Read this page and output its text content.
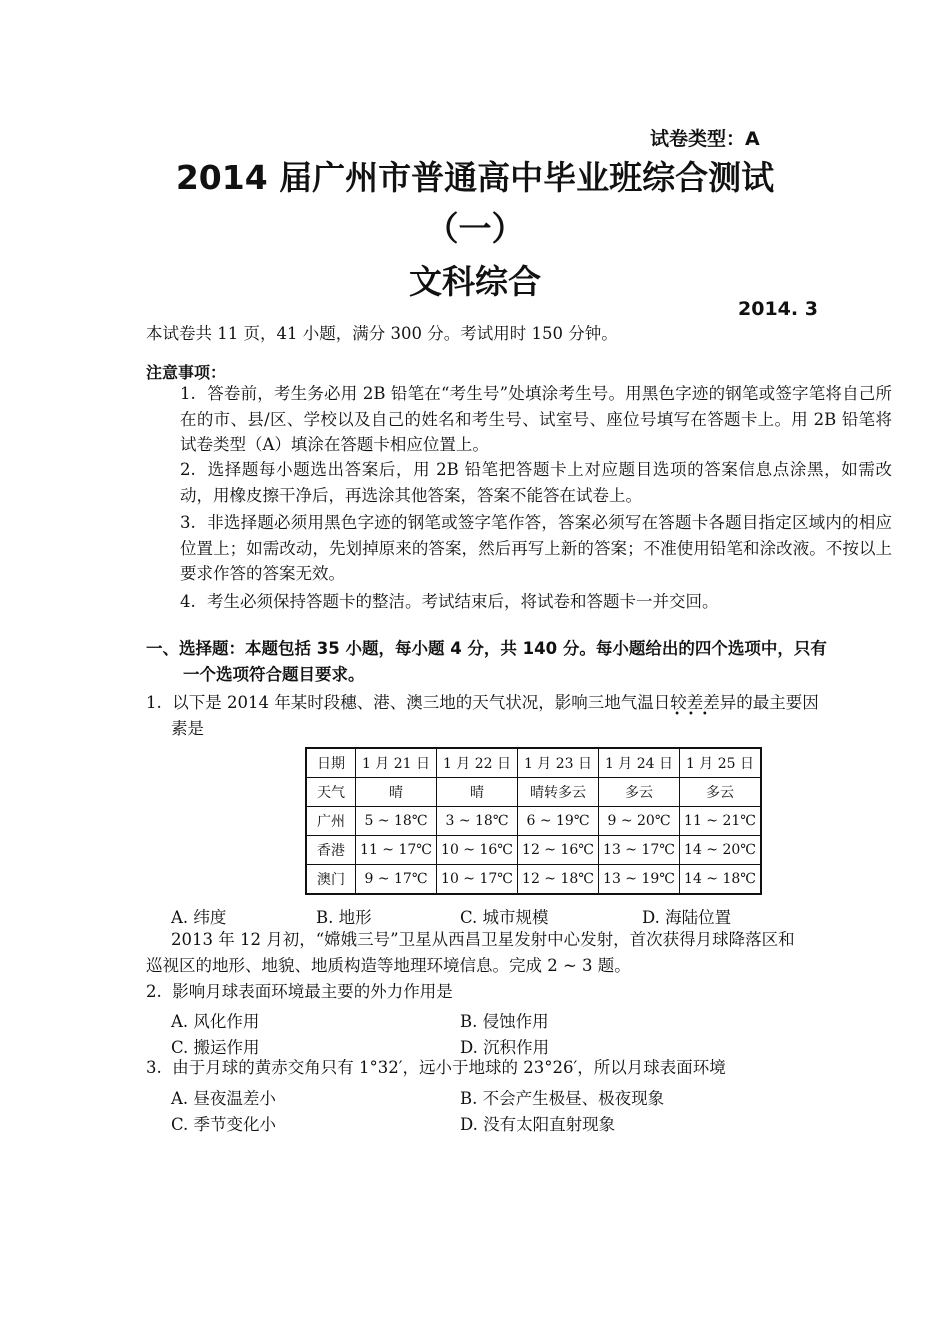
试卷类型：A
2014 届广州市普通高中毕业班综合测试
（一）
文科综合
2014. 3
本试卷共 11 页，41 小题，满分 300 分。考试用时 150 分钟。
注意事项：
1. 答卷前，考生务必用 2B 铅笔在“考生号”处填涂考生号。用黑色字迹的钢笔或签字笔将自己所在的市、县/区、学校以及自己的姓名和考生号、试室号、座位号填写在答题卡上。用 2B 铅笔将试卷类型（A）填涂在答题卡相应位置上。
2. 选择题每小题选出答案后，用 2B 铅笔把答题卡上对应题目选项的答案信息点涂黑，如需改动，用橡皮擦干净后，再选涂其他答案，答案不能答在试卷上。
3. 非选择题必须用黑色字迹的钢笔或签字笔作答，答案必须写在答题卡各题目指定区域内的相应位置上；如需改动，先划掉原来的答案，然后再写上新的答案；不准使用铅笔和涂改液。不按以上要求作答的答案无效。
4. 考生必须保持答题卡的整洁。考试结束后，将试卷和答题卡一并交回。
一、选择题：本题包括 35 小题，每小题 4 分，共 140 分。每小题给出的四个选项中，只有
一个选项符合题目要求。
1. 以下是 2014 年某时段穗、港、澳三地的天气状况，影响三地气温日较差差
•••
异的最主要因
素是
日期	1 月 21 日	1 月 22 日	1 月 23 日	1 月 24 日	1 月 25 日
天气	晴	晴	晴转多云	多云	多云
广州	5 ~ 18℃	3 ~ 18℃	6 ~ 19℃	9 ~ 20℃	11 ~ 21℃
香港	11 ~ 17℃	10 ~ 16℃	12 ~ 16℃	13 ~ 17℃	14 ~ 20℃
澳门	9 ~ 17℃	10 ~ 17℃	12 ~ 18℃	13 ~ 19℃	14 ~ 18℃
A. 纬度	B. 地形	C. 城市规模	D. 海陆位置
2013 年 12 月初，“嫦娥三号”卫星从西昌卫星发射中心发射，首次获得月球降落区和
巡视区的地形、地貌、地质构造等地理环境信息。完成 2 ~ 3 题。
2. 影响月球表面环境最主要的外力作用是
A. 风化作用	B. 侵蚀作用
C. 搬运作用	D. 沉积作用
3. 由于月球的黄赤交角只有 1°32′，远小于地球的 23°26′，所以月球表面环境
A. 昼夜温差小	B. 不会产生极昼、极夜现象
C. 季节变化小	D. 没有太阳直射现象
